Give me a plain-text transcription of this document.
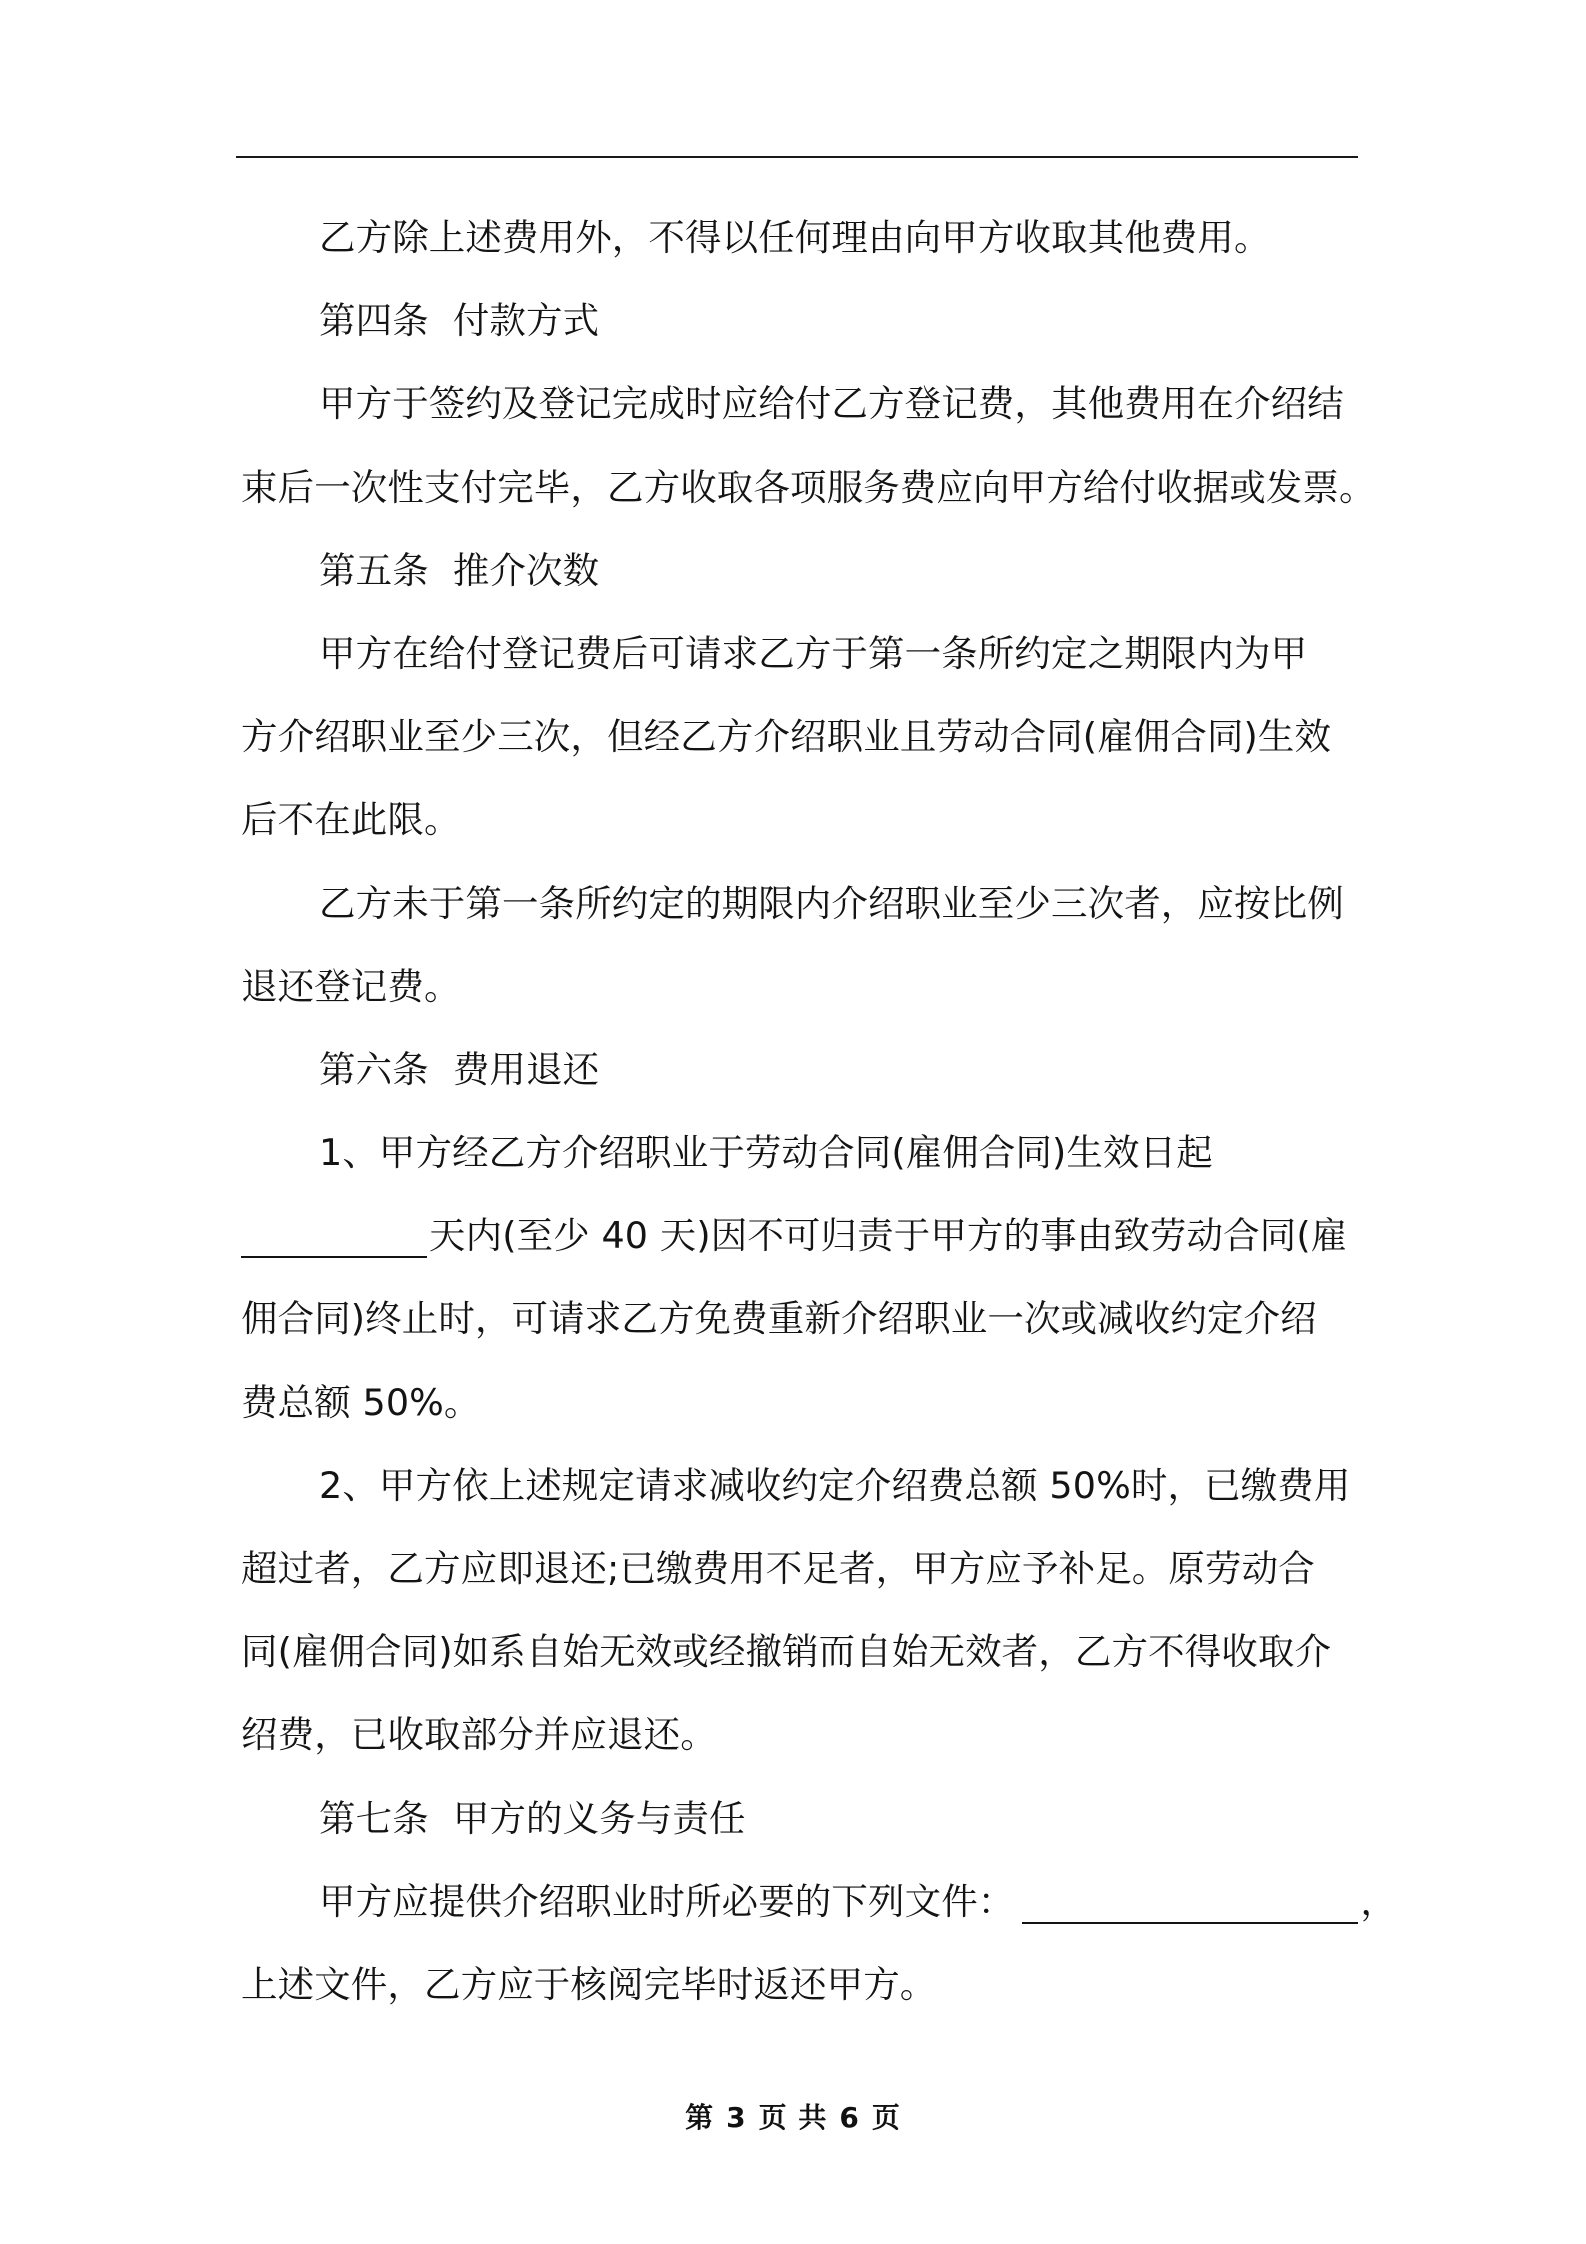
乙方除上述费用外，不得以任何理由向甲方收取其他费用。
第四条 付款方式
甲方于签约及登记完成时应给付乙方登记费，其他费用在介绍结
束后一次性支付完毕，乙方收取各项服务费应向甲方给付收据或发票。
第五条 推介次数
甲方在给付登记费后可请求乙方于第一条所约定之期限内为甲
方介绍职业至少三次，但经乙方介绍职业且劳动合同(雇佣合同)生效
后不在此限。
乙方未于第一条所约定的期限内介绍职业至少三次者，应按比例
退还登记费。
第六条 费用退还
1、甲方经乙方介绍职业于劳动合同(雇佣合同)生效日起
天内(至少 40 天)因不可归责于甲方的事由致劳动合同(雇
佣合同)终止时，可请求乙方免费重新介绍职业一次或减收约定介绍
费总额 50%。
2、甲方依上述规定请求减收约定介绍费总额 50%时，已缴费用
超过者，乙方应即退还;已缴费用不足者，甲方应予补足。原劳动合
同(雇佣合同)如系自始无效或经撤销而自始无效者，乙方不得收取介
绍费，已收取部分并应退还。
第七条 甲方的义务与责任
甲方应提供介绍职业时所必要的下列文件：	，
上述文件，乙方应于核阅完毕时返还甲方。
第 3 页 共 6 页
